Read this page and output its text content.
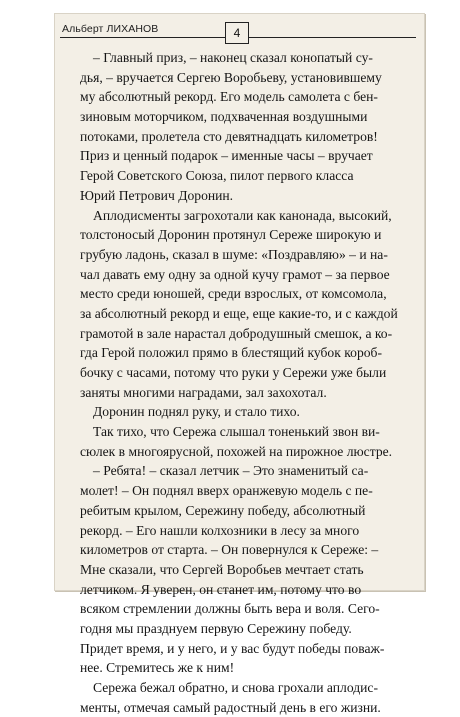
Альберт ЛИХАНОВ	4
– Главный приз, – наконец сказал конопатый су-
дья, – вручается Сергею Воробьеву, установившему
му абсолютный рекорд. Его модель самолета с бен-
зиновым моторчиком, подхваченная воздушными
потоками, пролетела сто девятнадцать километров!
Приз и ценный подарок – именные часы – вручает
Герой Советского Союза, пилот первого класса
Юрий Петрович Доронин.
Аплодисменты загрохотали как канонада, высокий,
толстоносый Доронин протянул Сереже широкую и
грубую ладонь, сказал в шуме: «Поздравляю» – и на-
чал давать ему одну за одной кучу грамот – за первое
место среди юношей, среди взрослых, от комсомола,
за абсолютный рекорд и еще, еще какие-то, и с каждой
грамотой в зале нарастал добродушный смешок, а ко-
гда Герой положил прямо в блестящий кубок короб-
бочку с часами, потому что руки у Сережи уже были
заняты многими наградами, зал захохотал.
Доронин поднял руку, и стало тихо.
Так тихо, что Сережа слышал тоненький звон ви-
сюлек в многоярусной, похожей на пирожное люстре.
– Ребята! – сказал летчик – Это знаменитый са-
молет! – Он поднял вверх оранжевую модель с пе-
ребитым крылом, Сережину победу, абсолютный
рекорд. – Его нашли колхозники в лесу за много
километров от старта. – Он повернулся к Сереже: –
Мне сказали, что Сергей Воробьев мечтает стать
летчиком. Я уверен, он станет им, потому что во
всяком стремлении должны быть вера и воля. Сего-
годня мы празднуем первую Сережину победу.
Придет время, и у него, и у вас будут победы поваж-
нее. Стремитесь же к ним!
Сережа бежал обратно, и снова грохали аплодис-
менты, отмечая самый радостный день в его жизни.
